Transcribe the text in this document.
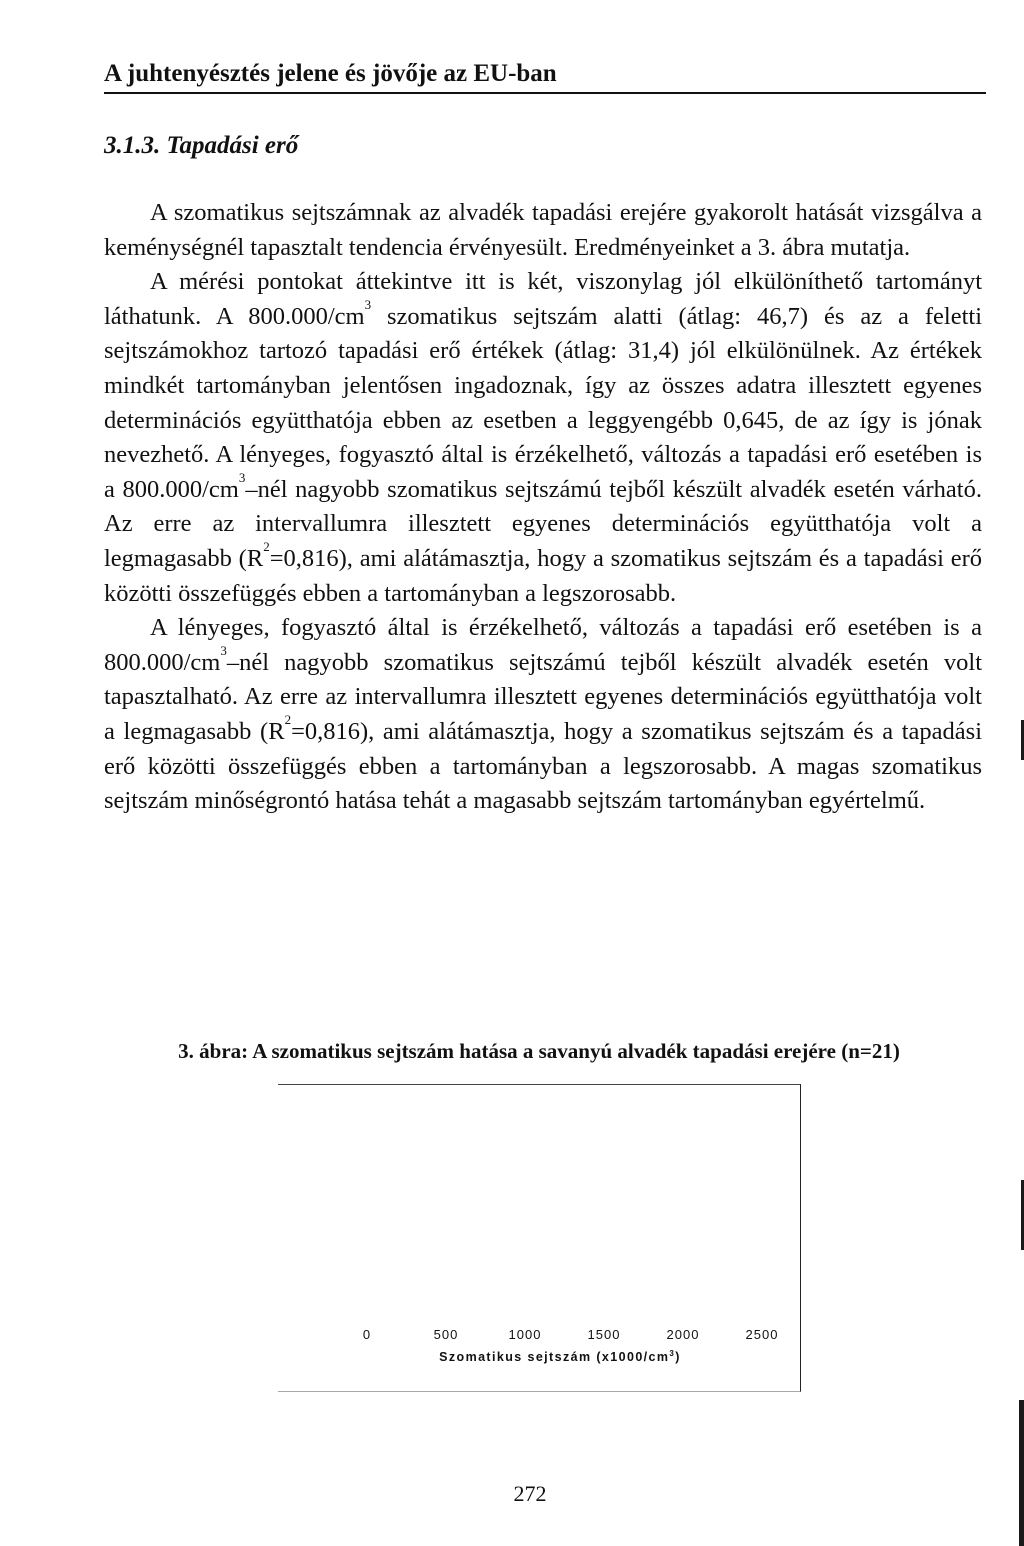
A juhtenyésztés jelene és jövője az EU-ban
3.1.3. Tapadási erő

A szomatikus sejtszámnak az alvadék tapadási erejére gyakorolt hatását vizsgálva a keménységnél tapasztalt tendencia érvényesült. Eredményeinket a 3. ábra mutatja.

A mérési pontokat áttekintve itt is két, viszonylag jól elkülöníthető tartományt láthatunk. A $800.000/cm^3$ szomatikus sejtszám alatti (átlag: 46,7) és az a feletti sejtszámokhoz tartozó tapadási erő értékek (átlag: 31,4) jól elkülönülnek. Az értékek mindkét tartományban jelentősen ingadoznak, így az összes adatra illesztett egyenes determinációs együtthatója ebben az esetben a leggyengébb 0,645, de az így is jónak nevezhető. A lényeges, fogyasztó által is érzékelhető, változás a tapadási erő esetében is a $800.000/cm^3$–nél nagyobb szomatikus sejtszámú tejből készült alvadék esetén várható. Az erre az intervallumra illesztett egyenes determinációs együtthatója volt a legmagasabb $(R^2=0,816)$, ami alátámasztja, hogy a szomatikus sejtszám és a tapadási erő közötti összefüggés ebben a tartományban a legszorosabb.

A lényeges, fogyasztó által is érzékelhető, változás a tapadási erő esetében is a $800.000/cm^3$–nél nagyobb szomatikus sejtszámú tejből készült alvadék esetén volt tapasztalható. Az erre az intervallumra illesztett egyenes determinációs együtthatója volt a legmagasabb $(R^2=0,816)$, ami alátámasztja, hogy a szomatikus sejtszám és a tapadási erő közötti összefüggés ebben a tartományban a legszorosabb. A magas szomatikus sejtszám minőségrontó hatása tehát a magasabb sejtszám tartományban egyértelmű.

3. ábra: A szomatikus sejtszám hatása a savanyú alvadék tapadási erejére (n=21)
0	500	1000	1500	2000	2500
Szomatikus sejtszám $(x1000/cm^3)$
272
